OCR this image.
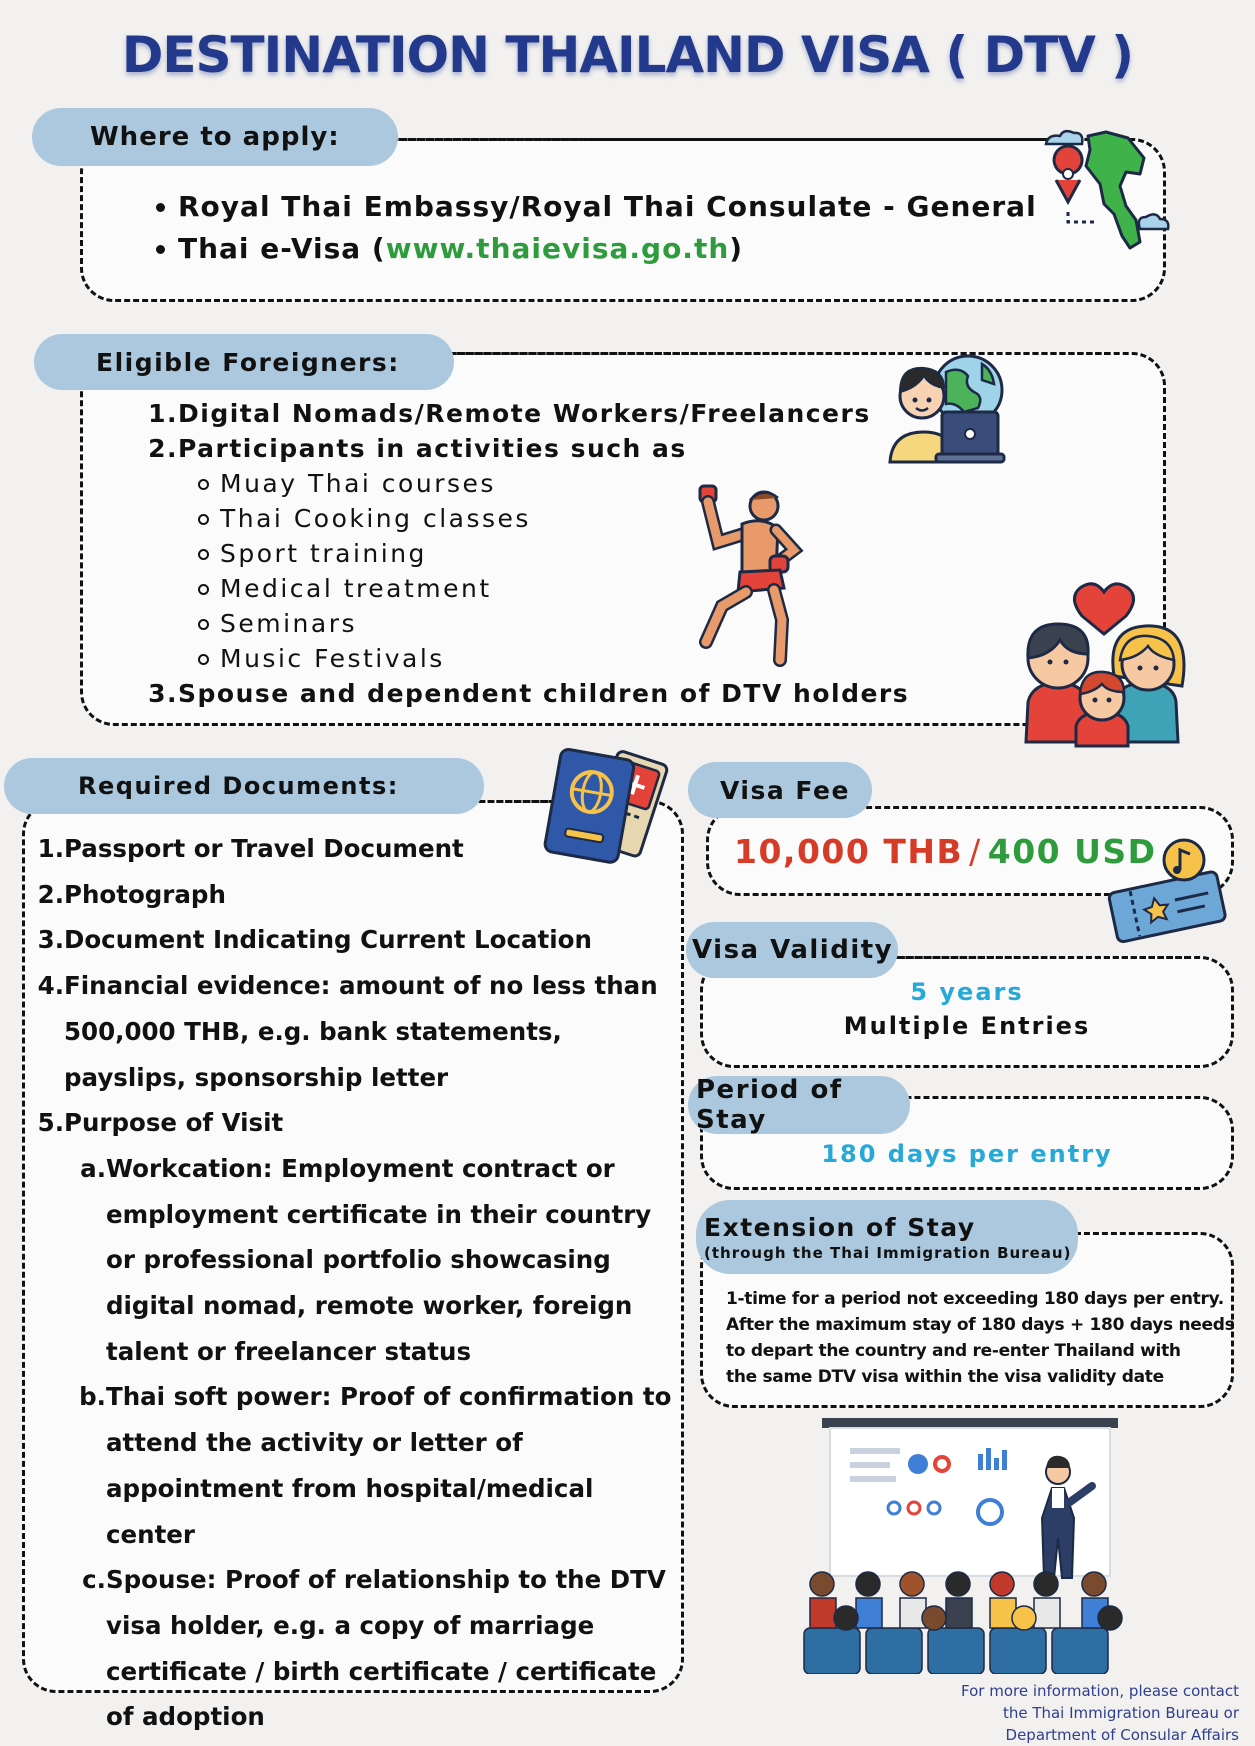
DESTINATION THAILAND VISA ( DTV )
Where to apply:
Royal Thai Embassy/Royal Thai Consulate - General
Thai e-Visa (www.thaievisa.go.th)
Eligible Foreigners:
1. Digital Nomads/Remote Workers/Freelancers
2. Participants in activities such as
Muay Thai courses
Thai Cooking classes
Sport training
Medical treatment
Seminars
Music Festivals
3. Spouse and dependent children of DTV holders
Required Documents:
1. Passport or Travel Document
2. Photograph
3. Document Indicating Current Location
4. Financial evidence: amount of no less than 500,000 THB, e.g. bank statements, payslips, sponsorship letter
5. Purpose of Visit
a. Workcation: Employment contract or employment certificate in their country or professional portfolio showcasing digital nomad, remote worker, foreign talent or freelancer status
b. Thai soft power: Proof of confirmation to attend the activity or letter of appointment from hospital/medical center
c. Spouse: Proof of relationship to the DTV visa holder, e.g. a copy of marriage certificate / birth certificate / certificate of adoption
Visa Fee
10,000 THB / 400 USD
Visa Validity
5 years
Multiple Entries
Period of Stay
180 days per entry
Extension of Stay
(through the Thai Immigration Bureau)
1-time for a period not exceeding 180 days per entry.
After the maximum stay of 180 days + 180 days needs
to depart the country and re-enter Thailand with
the same DTV visa within the visa validity date
For more information, please contact
the Thai Immigration Bureau or
Department of Consular Affairs
